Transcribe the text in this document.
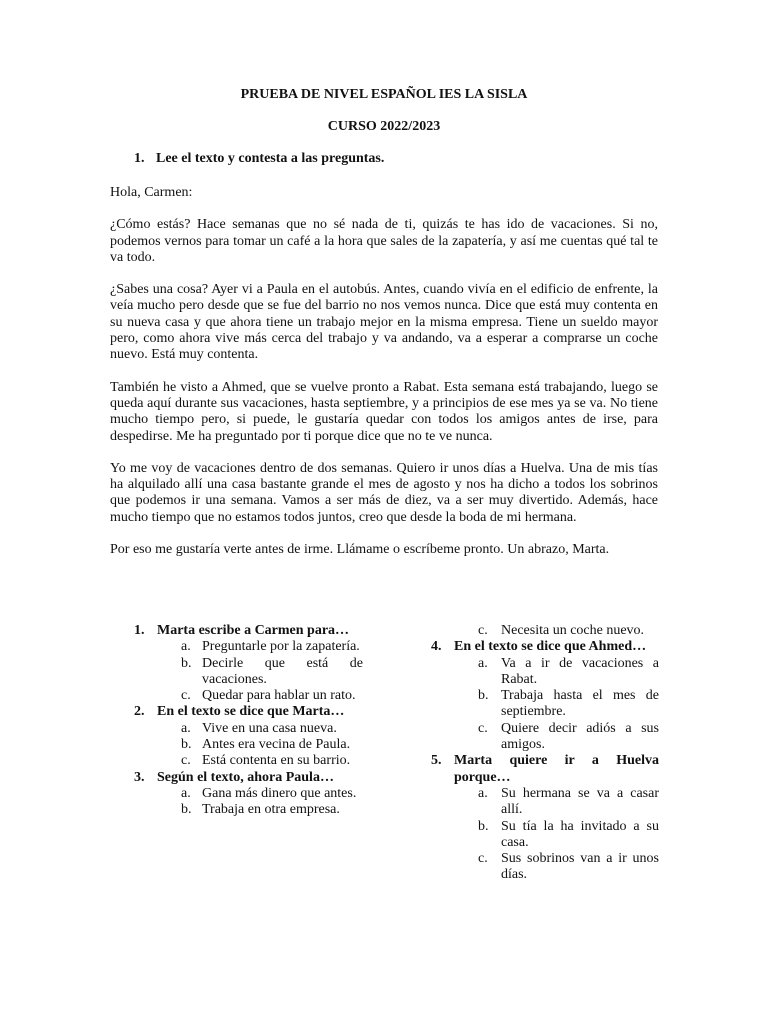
PRUEBA DE NIVEL ESPAÑOL IES LA SISLA
CURSO 2022/2023
1. Lee el texto y contesta a las preguntas.

Hola, Carmen:

¿Cómo estás? Hace semanas que no sé nada de ti, quizás te has ido de vacaciones. Si no, podemos vernos para tomar un café a la hora que sales de la zapatería, y así me cuentas qué tal te va todo.

¿Sabes una cosa? Ayer vi a Paula en el autobús. Antes, cuando vivía en el edificio de enfrente, la veía mucho pero desde que se fue del barrio no nos vemos nunca. Dice que está muy contenta en su nueva casa y que ahora tiene un trabajo mejor en la misma empresa. Tiene un sueldo mayor pero, como ahora vive más cerca del trabajo y va andando, va a esperar a comprarse un coche nuevo. Está muy contenta.

También he visto a Ahmed, que se vuelve pronto a Rabat. Esta semana está trabajando, luego se queda aquí durante sus vacaciones, hasta septiembre, y a principios de ese mes ya se va. No tiene mucho tiempo pero, si puede, le gustaría quedar con todos los amigos antes de irse, para despedirse. Me ha preguntado por ti porque dice que no te ve nunca.

Yo me voy de vacaciones dentro de dos semanas. Quiero ir unos días a Huelva. Una de mis tías ha alquilado allí una casa bastante grande el mes de agosto y nos ha dicho a todos los sobrinos que podemos ir una semana. Vamos a ser más de diez, va a ser muy divertido. Además, hace mucho tiempo que no estamos todos juntos, creo que desde la boda de mi hermana.

Por eso me gustaría verte antes de irme. Llámame o escríbeme pronto. Un abrazo, Marta.

1. Marta escribe a Carmen para…
a. Preguntarle por la zapatería.
b. Decirle que está de vacaciones.
c. Quedar para hablar un rato.
2. En el texto se dice que Marta…
a. Vive en una casa nueva.
b. Antes era vecina de Paula.
c. Está contenta en su barrio.
3. Según el texto, ahora Paula…
a. Gana más dinero que antes.
b. Trabaja en otra empresa.
c. Necesita un coche nuevo.
4. En el texto se dice que Ahmed…
a. Va a ir de vacaciones a Rabat.
b. Trabaja hasta el mes de septiembre.
c. Quiere decir adiós a sus amigos.
5. Marta quiere ir a Huelva porque…
a. Su hermana se va a casar allí.
b. Su tía la ha invitado a su casa.
c. Sus sobrinos van a ir unos días.
